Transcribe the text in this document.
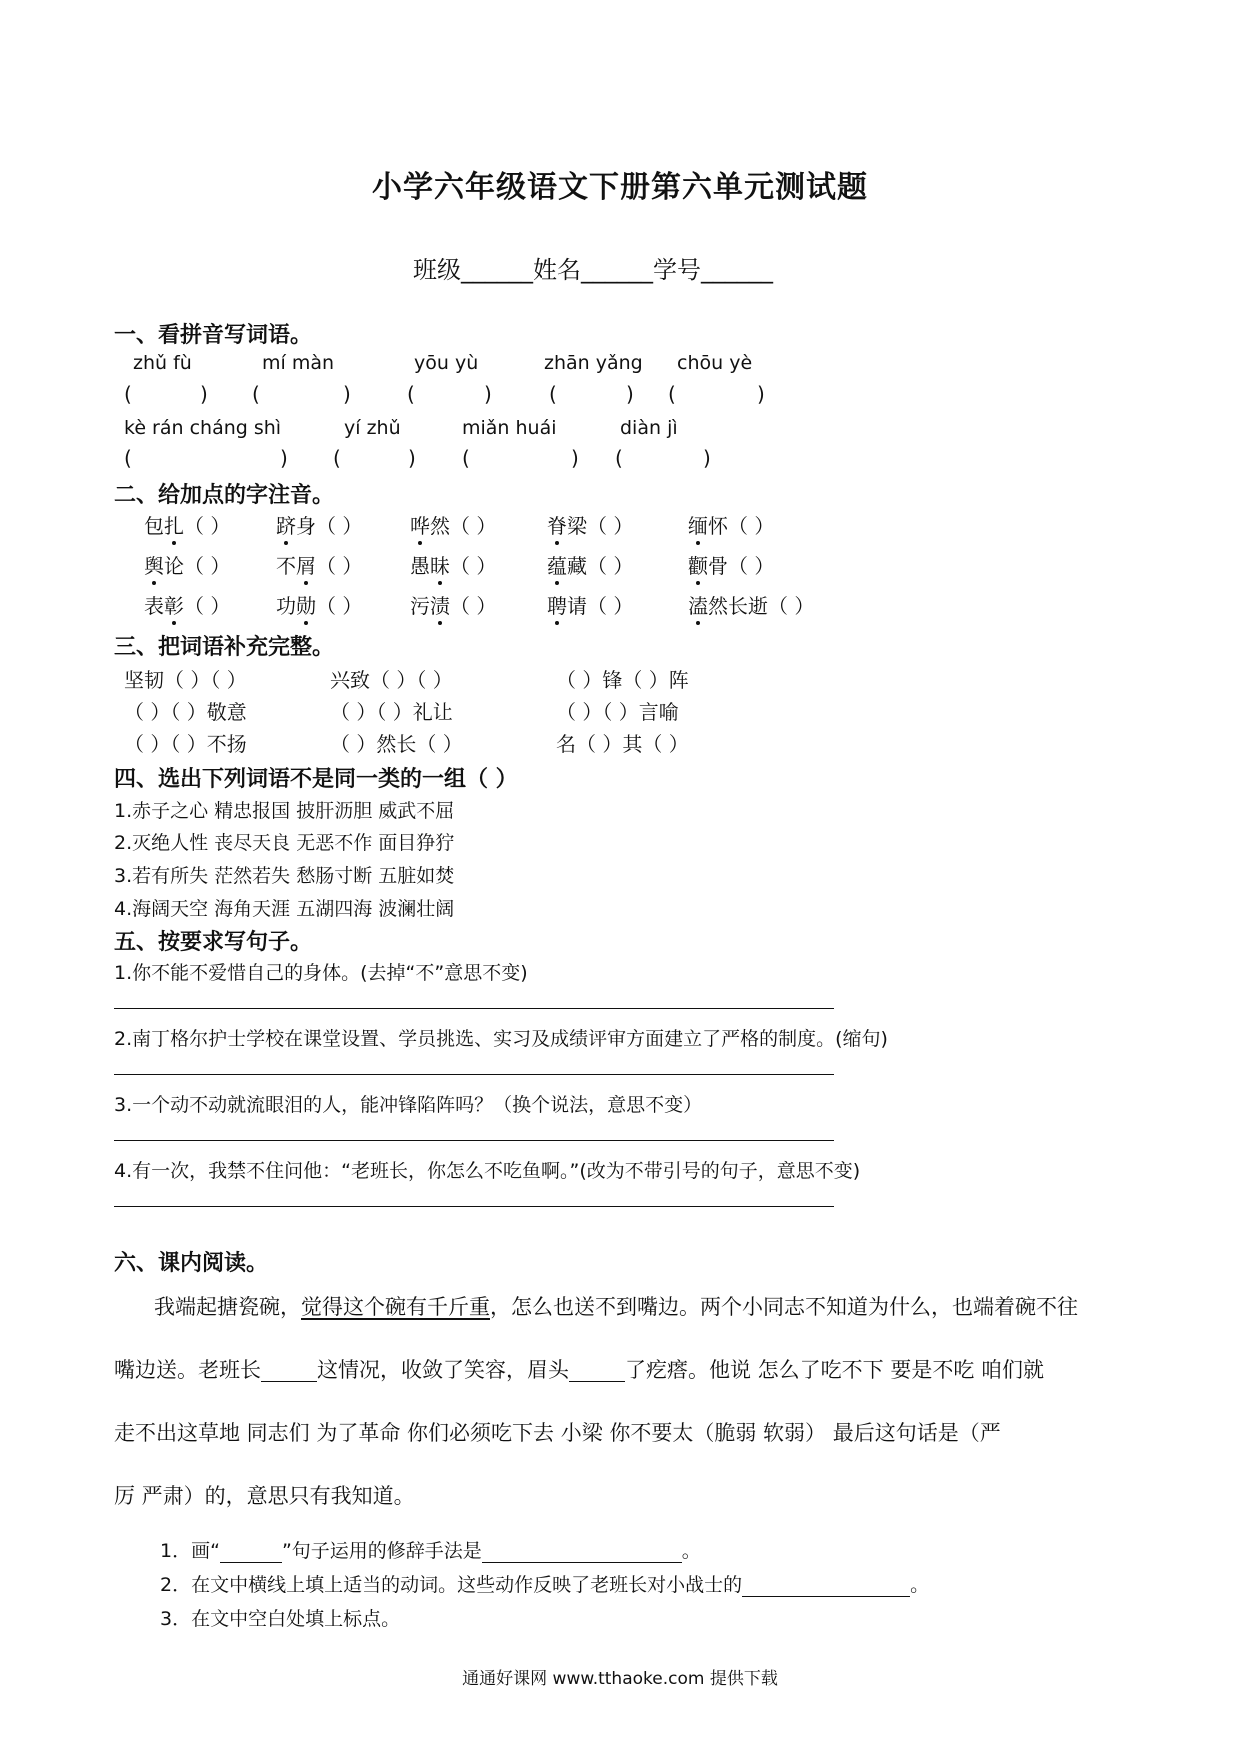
小学六年级语文下册第六单元测试题
班级______姓名______学号______
一、看拼音写词语。
zhǔ fù	mí màn	yōu yù	zhān yǎng chōu yè
(	) (	)	(	)	(	) (	)
kè rán cháng shì	yí zhǔ	miǎn huái	diàn jì
(	) (	) (	) (	)
二、给加点的字注音。
包扎（ ） 跻身（ ） 哗然（ ）	脊梁（ ）	缅怀（ ）
舆论（ ） 不屑（ ） 愚昧（ ）	蕴藏（ ）	颧骨（ ）
表彰（ ） 功勋（ ） 污渍（ ）	聘请（ ）	溘然长逝（ ）
三、把词语补充完整。
坚韧（ ）（ ）	兴致（ ）（ ）	（ ）锋（ ）阵
（ ）（ ）敬意	（ ）（ ）礼让	（ ）（ ）言喻
（ ）（ ）不扬	（ ）然长（ ）	名（ ）其（ ）
四、选出下列词语不是同一类的一组（ ）
1.赤子之心 精忠报国 披肝沥胆 威武不屈
2.灭绝人性 丧尽天良 无恶不作 面目狰狞
3.若有所失 茫然若失 愁肠寸断 五脏如焚
4.海阔天空 海角天涯 五湖四海 波澜壮阔
五、按要求写句子。
1.你不能不爱惜自己的身体。(去掉“不”意思不变)
2.南丁格尔护士学校在课堂设置、学员挑选、实习及成绩评审方面建立了严格的制度。(缩句)
3.一个动不动就流眼泪的人，能冲锋陷阵吗？（换个说法，意思不变）
4.有一次，我禁不住问他：“老班长，你怎么不吃鱼啊。”(改为不带引号的句子，意思不变)
六、课内阅读。
我端起搪瓷碗，觉得这个碗有千斤重，怎么也送不到嘴边。两个小同志不知道为什么，也端着碗不往
嘴边送。老班长	这情况，收敛了笑容，眉头	了疙瘩。他说 怎么了吃不下 要是不吃 咱们就
走不出这草地 同志们 为了革命 你们必须吃下去 小梁 你不要太（脆弱 软弱） 最后这句话是（严
厉 严肃）的，意思只有我知道。
1．画“	”句子运用的修辞手法是	。
2．在文中横线上填上适当的动词。这些动作反映了老班长对小战士的	。
3．在文中空白处填上标点。
通通好课网 www.tthaoke.com 提供下载
